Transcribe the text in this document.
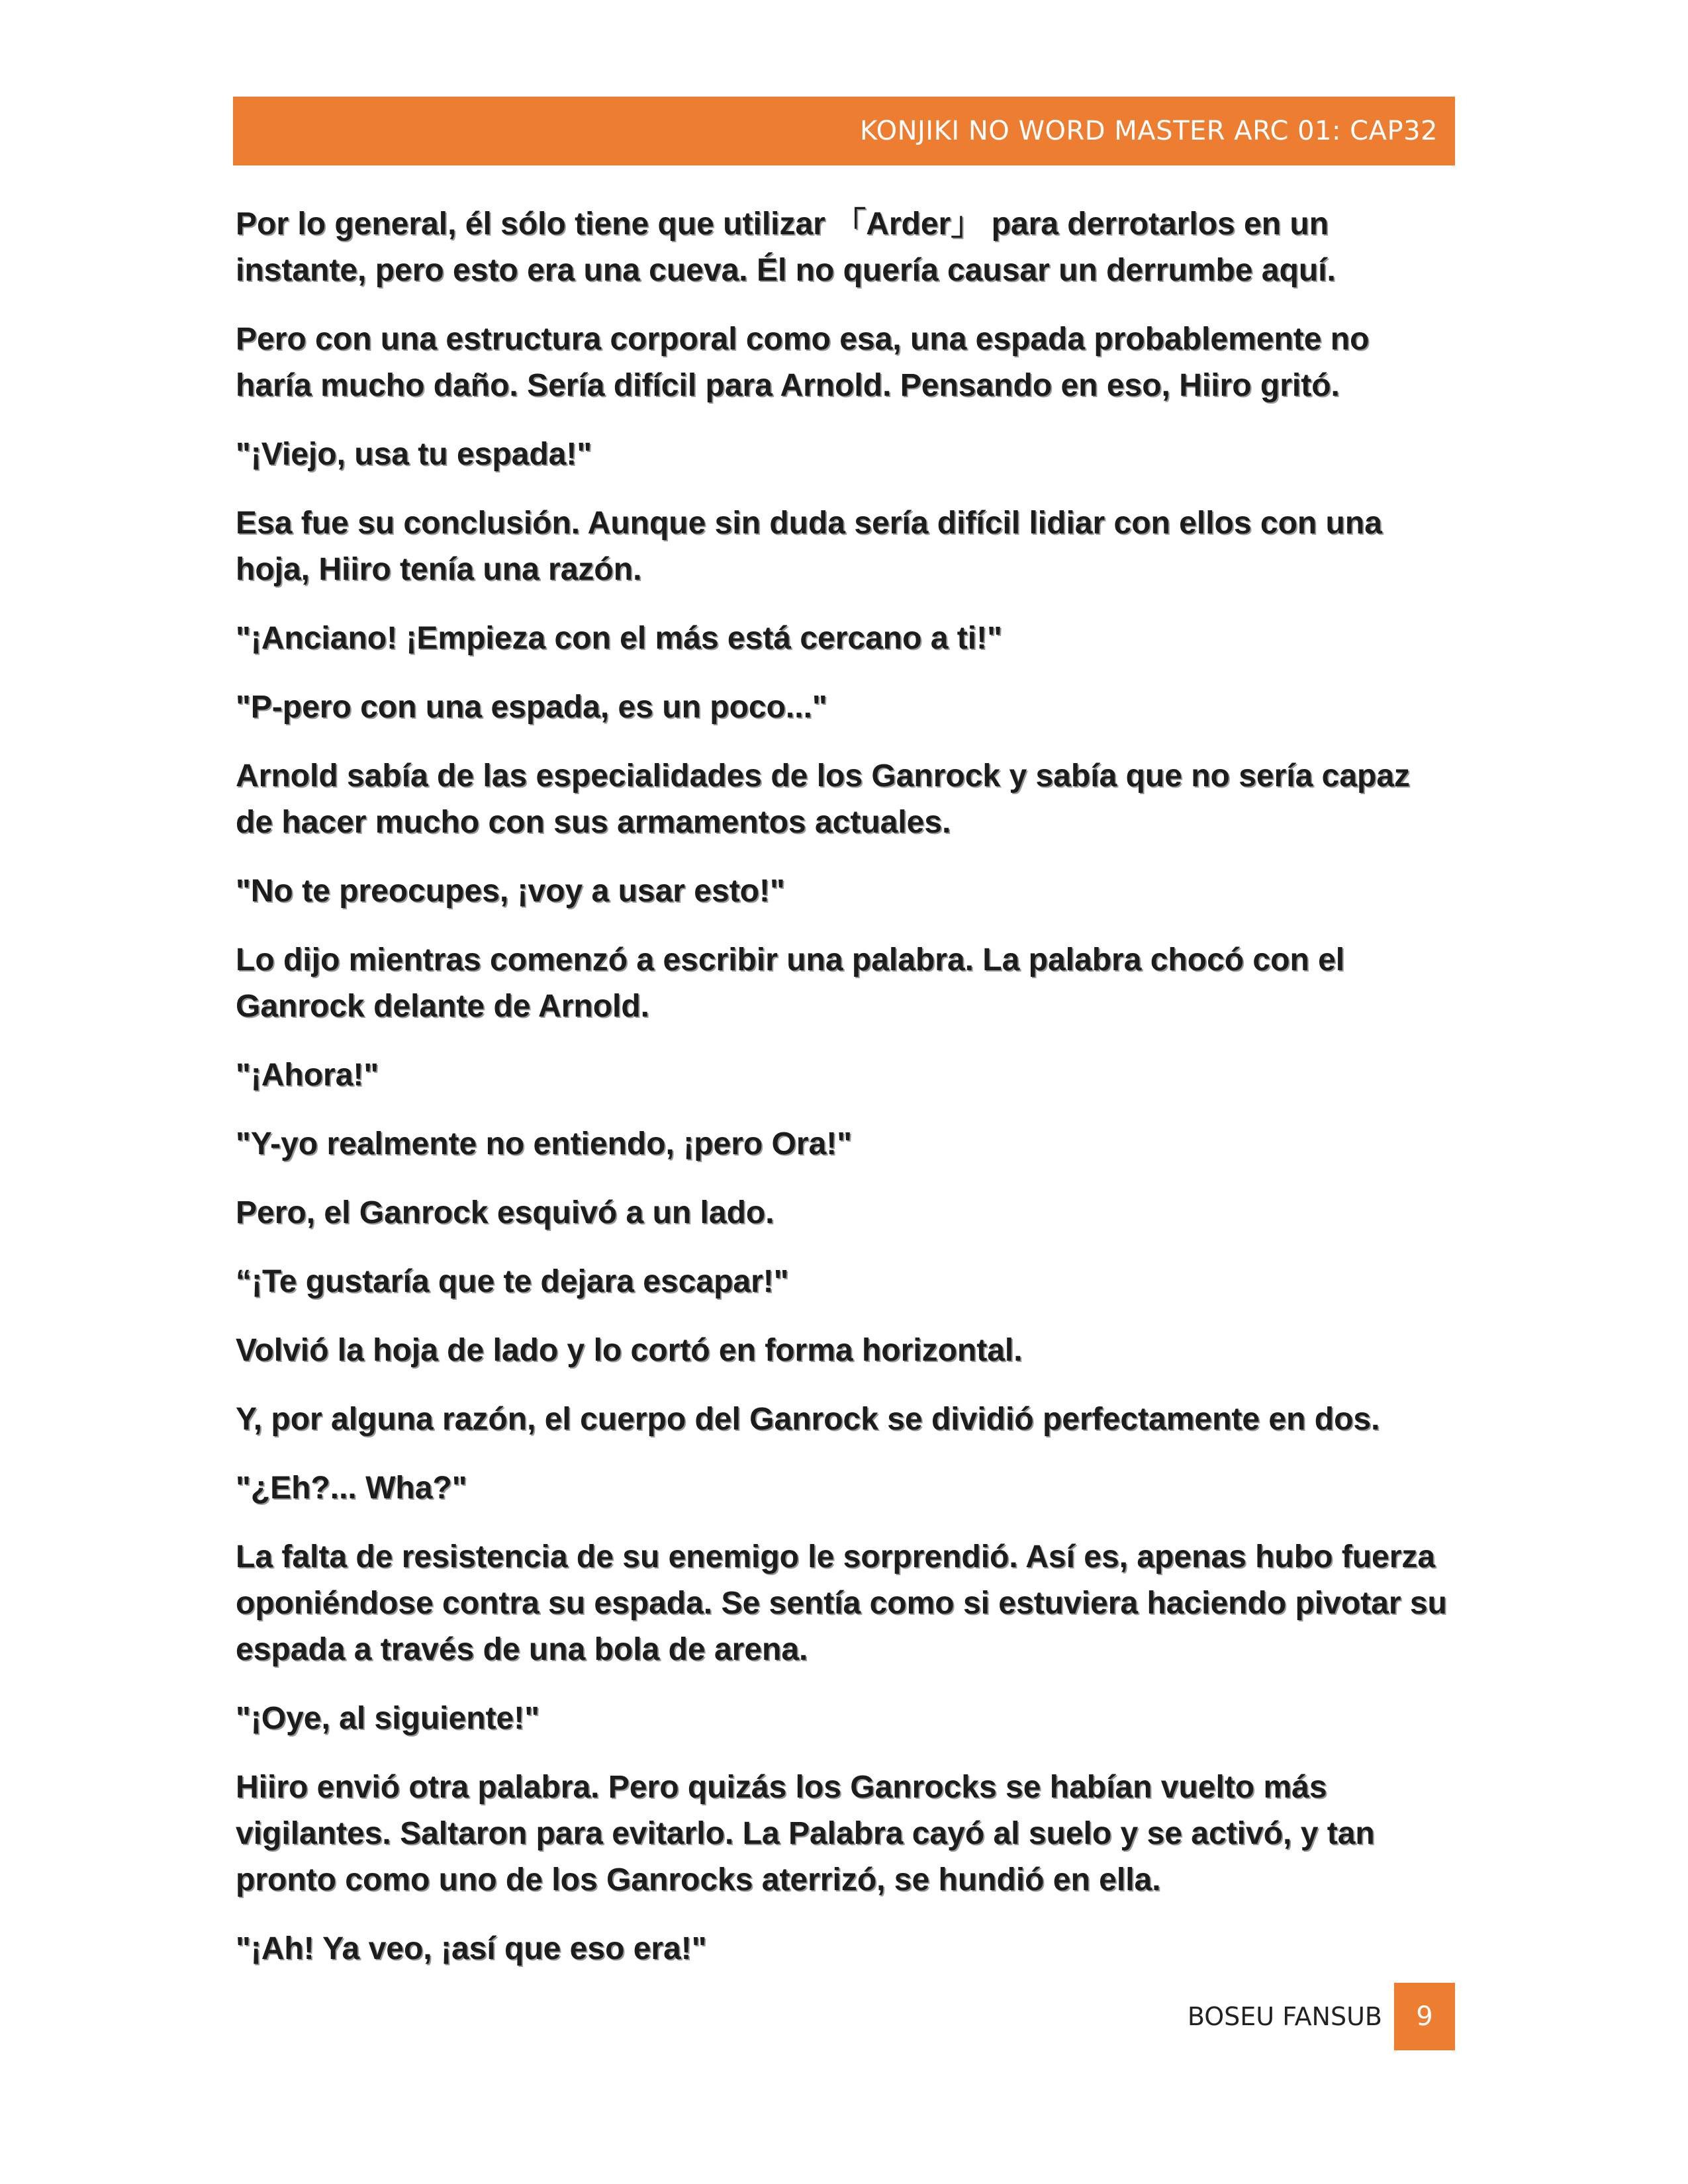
KONJIKI NO WORD MASTER ARC 01: CAP32

Por lo general, él sólo tiene que utilizar 「Arder」 para derrotarlos en un instante, pero esto era una cueva. Él no quería causar un derrumbe aquí.

Pero con una estructura corporal como esa, una espada probablemente no haría mucho daño. Sería difícil para Arnold. Pensando en eso, Hiiro gritó.

"¡Viejo, usa tu espada!"

Esa fue su conclusión. Aunque sin duda sería difícil lidiar con ellos con una hoja, Hiiro tenía una razón.

"¡Anciano! ¡Empieza con el más está cercano a ti!"

"P-pero con una espada, es un poco..."

Arnold sabía de las especialidades de los Ganrock y sabía que no sería capaz de hacer mucho con sus armamentos actuales.

"No te preocupes, ¡voy a usar esto!"

Lo dijo mientras comenzó a escribir una palabra. La palabra chocó con el Ganrock delante de Arnold.

"¡Ahora!"

"Y-yo realmente no entiendo, ¡pero Ora!"

Pero, el Ganrock esquivó a un lado.

“¡Te gustaría que te dejara escapar!"

Volvió la hoja de lado y lo cortó en forma horizontal.

Y, por alguna razón, el cuerpo del Ganrock se dividió perfectamente en dos.

"¿Eh?... Wha?"

La falta de resistencia de su enemigo le sorprendió. Así es, apenas hubo fuerza oponiéndose contra su espada. Se sentía como si estuviera haciendo pivotar su espada a través de una bola de arena.

"¡Oye, al siguiente!"

Hiiro envió otra palabra. Pero quizás los Ganrocks se habían vuelto más vigilantes. Saltaron para evitarlo. La Palabra cayó al suelo y se activó, y tan pronto como uno de los Ganrocks aterrizó, se hundió en ella.

"¡Ah! Ya veo, ¡así que eso era!"

BOSEU FANSUB	9
